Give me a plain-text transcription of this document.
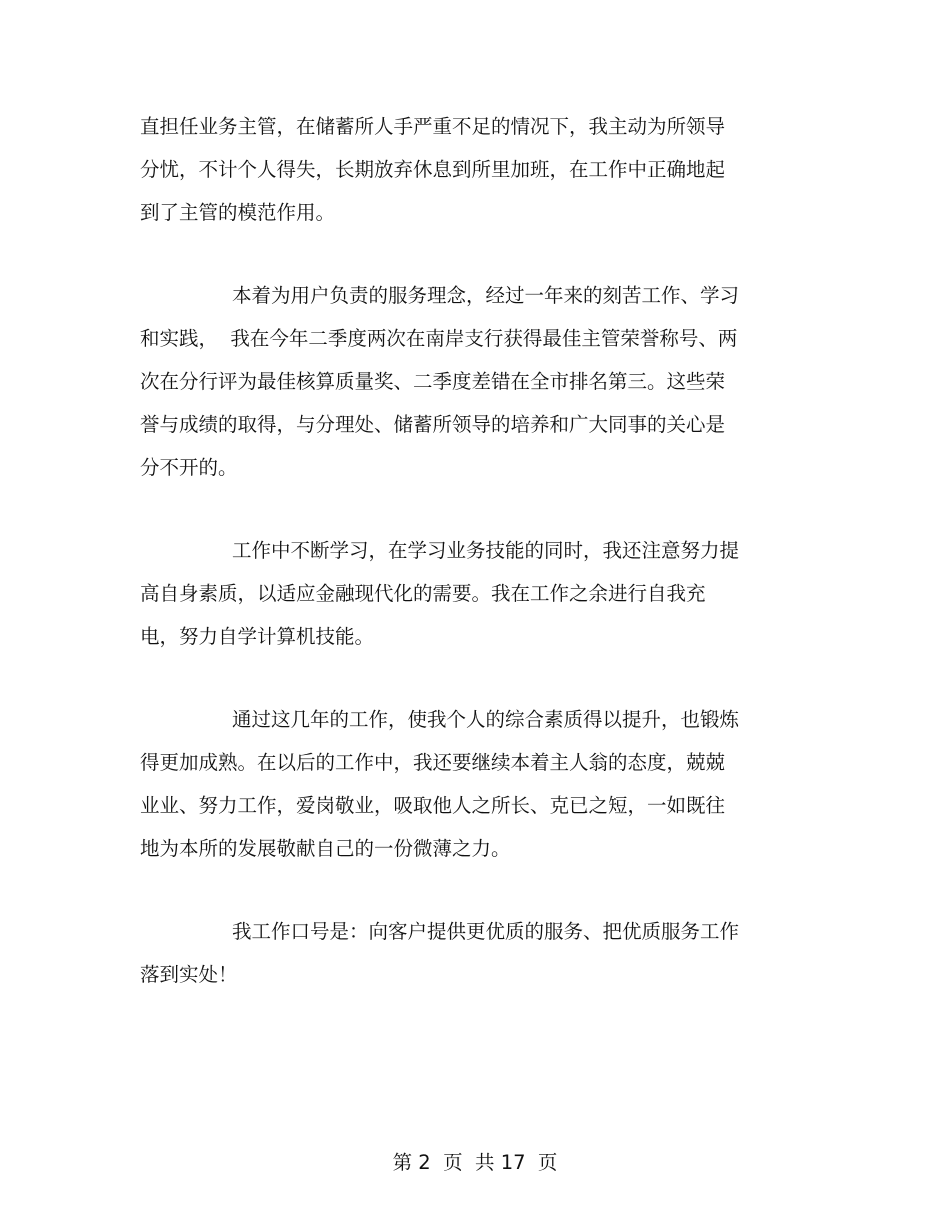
直担任业务主管，在储蓄所人手严重不足的情况下，我主动为所领导
分忧，不计个人得失，长期放弃休息到所里加班，在工作中正确地起
到了主管的模范作用。

本着为用户负责的服务理念，经过一年来的刻苦工作、学习
和实践，  我在今年二季度两次在南岸支行获得最佳主管荣誉称号、两
次在分行评为最佳核算质量奖、二季度差错在全市排名第三。这些荣
誉与成绩的取得，与分理处、储蓄所领导的培养和广大同事的关心是
分不开的。

工作中不断学习，在学习业务技能的同时，我还注意努力提
高自身素质，以适应金融现代化的需要。我在工作之余进行自我充
电，努力自学计算机技能。

通过这几年的工作，使我个人的综合素质得以提升，也锻炼
得更加成熟。在以后的工作中，我还要继续本着主人翁的态度，兢兢
业业、努力工作，爱岗敬业，吸取他人之所长、克已之短，一如既往
地为本所的发展敬献自己的一份微薄之力。

我工作口号是：向客户提供更优质的服务、把优质服务工作
落到实处！

第 2  页  共 17  页
